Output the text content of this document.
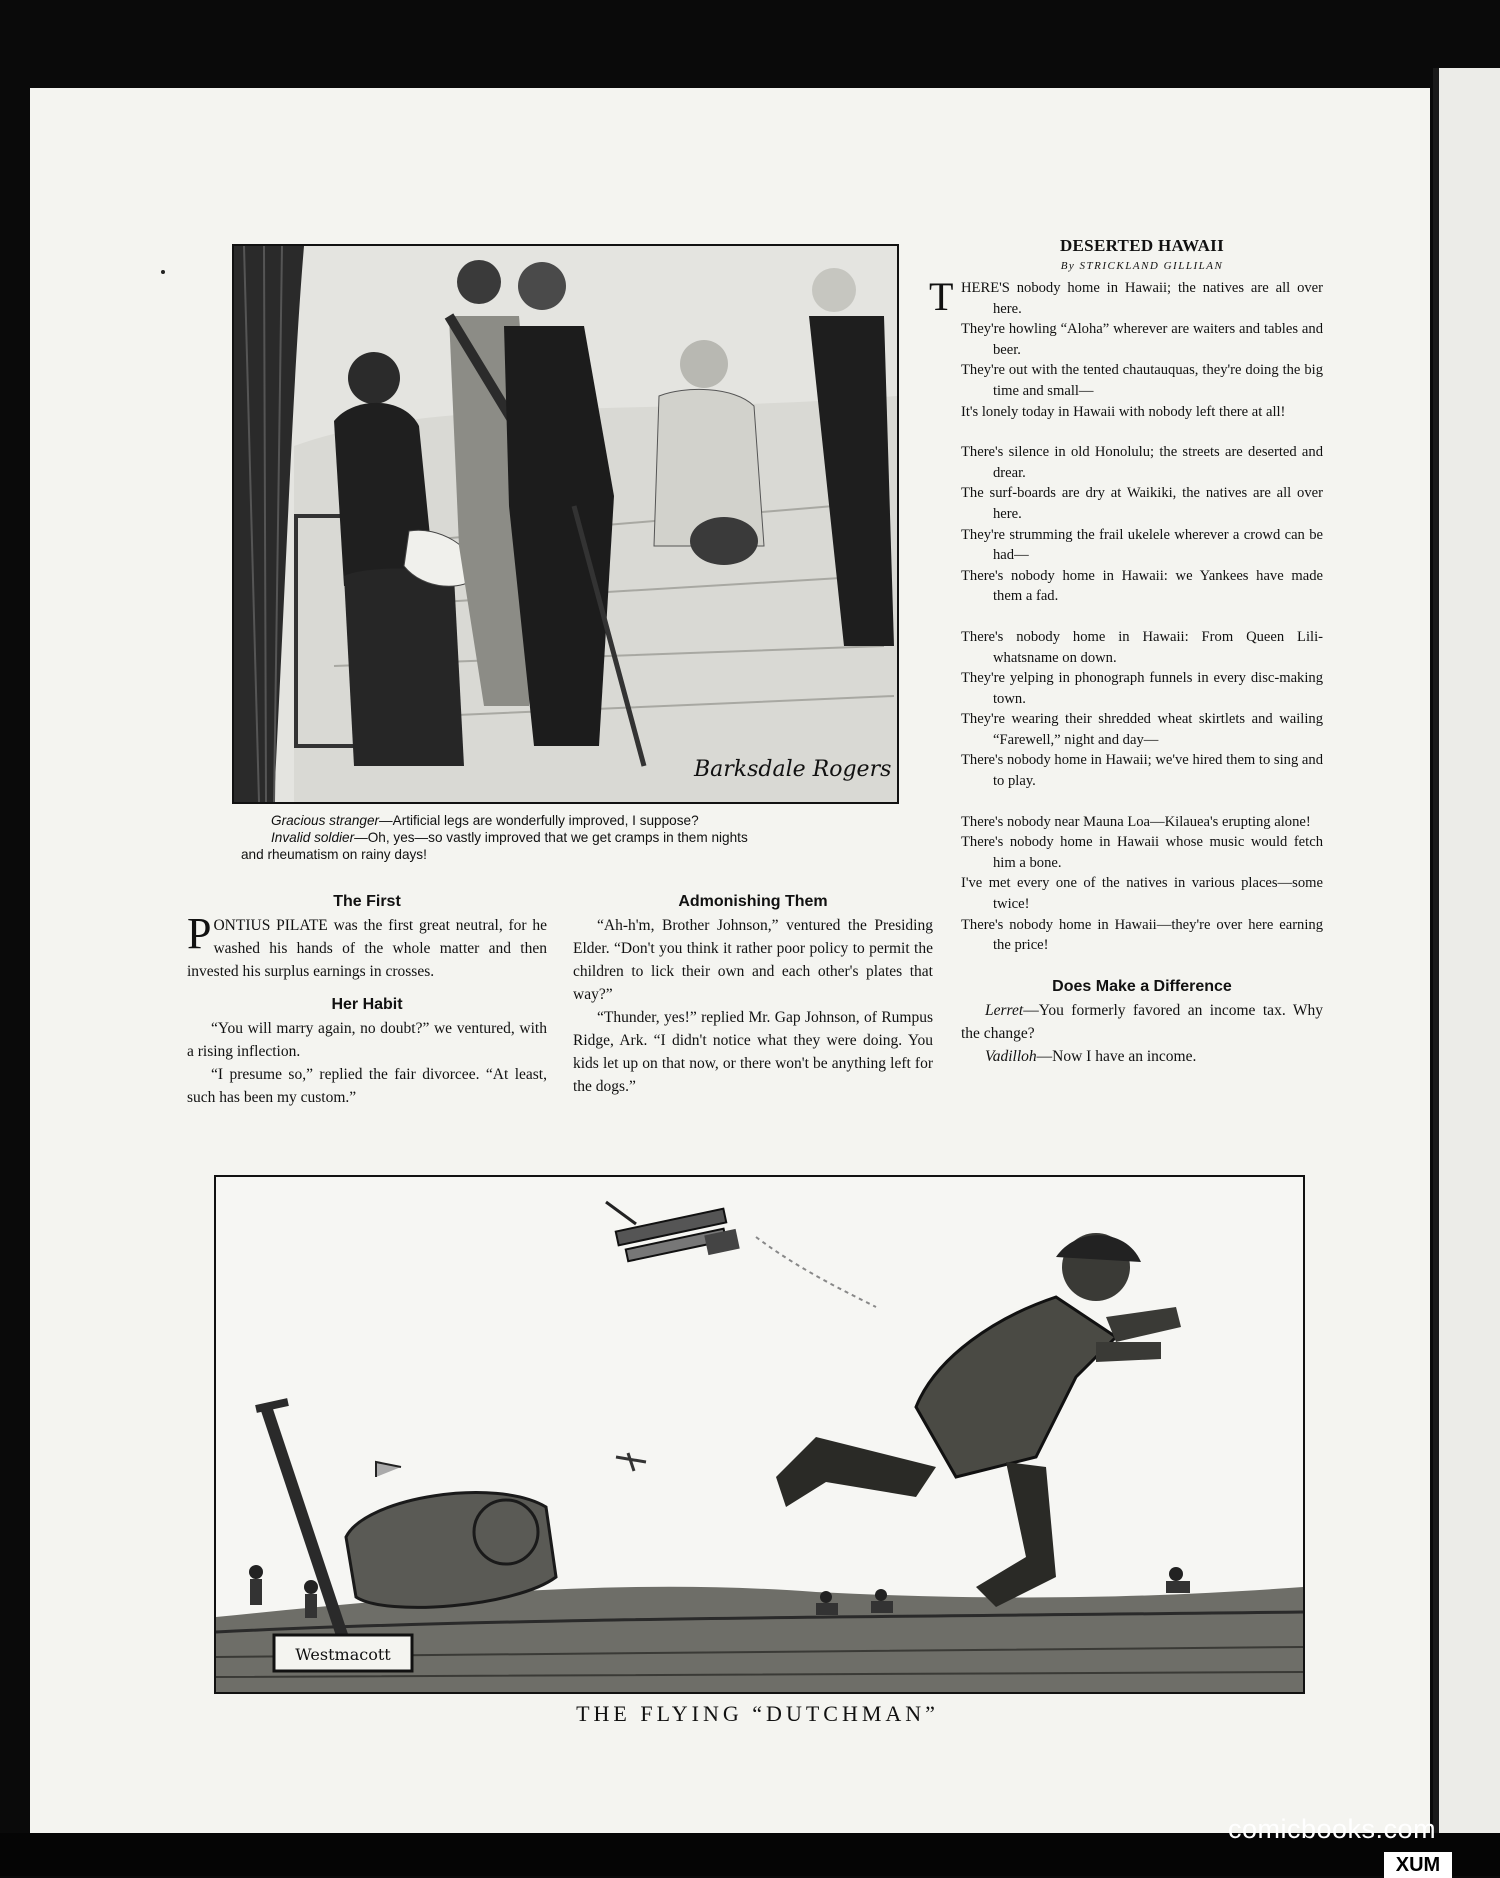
Barksdale Rogers
Gracious stranger—Artificial legs are wonderfully improved, I suppose?
Invalid soldier—Oh, yes—so vastly improved that we get cramps in them nights
and rheumatism on rainy days!
The First

PONTIUS PILATE was the first great neutral, for he washed his hands of the whole matter and then invested his surplus earnings in crosses.

Her Habit

“You will marry again, no doubt?” we ventured, with a rising inflection.

“I presume so,” replied the fair divorcee. “At least, such has been my custom.”

Admonishing Them

“Ah-h'm, Brother Johnson,” ventured the Presiding Elder. “Don't you think it rather poor policy to permit the children to lick their own and each other's plates that way?”

“Thunder, yes!” replied Mr. Gap Johnson, of Rumpus Ridge, Ark. “I didn't notice what they were doing. You kids let up on that now, or there won't be anything left for the dogs.”

DESERTED HAWAII
By STRICKLAND GILLILAN
HERE'S nobody home in Hawaii; the natives are all over here.
They're howling “Aloha” wherever are waiters and tables and beer.
They're out with the tented chautauquas, they're doing the big time and small—
It's lonely today in Hawaii with nobody left there at all!
There's silence in old Honolulu; the streets are deserted and drear.
The surf-boards are dry at Waikiki, the natives are all over here.
They're strumming the frail ukelele wherever a crowd can be had—
There's nobody home in Hawaii: we Yankees have made them a fad.
There's nobody home in Hawaii: From Queen Lili-whatsname on down.
They're yelping in phonograph funnels in every disc-making town.
They're wearing their shredded wheat skirtlets and wailing “Farewell,” night and day—
There's nobody home in Hawaii; we've hired them to sing and to play.
There's nobody near Mauna Loa—Kilauea's erupting alone!
There's nobody home in Hawaii whose music would fetch him a bone.
I've met every one of the natives in various places—some twice!
There's nobody home in Hawaii—they're over here earning the price!
Does Make a Difference

Lerret—You formerly favored an income tax. Why the change?

Vadilloh—Now I have an income.

Westmacott
THE FLYING “DUTCHMAN”
comicbooks.com
XUM
